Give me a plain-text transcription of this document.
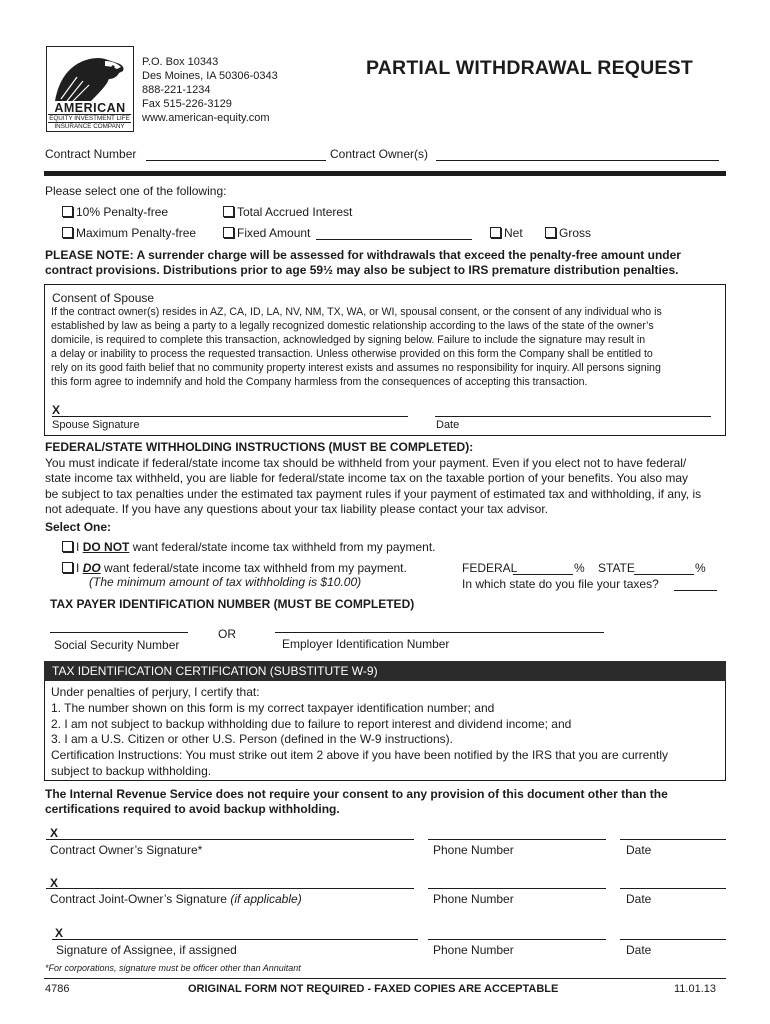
AMERICAN
EQUITY INVESTMENT LIFE
INSURANCE COMPANY
P.O. Box 10343
Des Moines, IA 50306-0343
888-221-1234
Fax 515-226-3129
www.american-equity.com
PARTIAL WITHDRAWAL REQUEST
Contract Number	Contract Owner(s)
Please select one of the following:
10% Penalty-free	Total Accrued Interest
Maximum Penalty-free	Fixed Amount	Net	Gross
PLEASE NOTE: A surrender charge will be assessed for withdrawals that exceed the penalty-free amount under
contract provisions. Distributions prior to age 59½ may also be subject to IRS premature distribution penalties.
Consent of Spouse
If the contract owner(s) resides in AZ, CA, ID, LA, NV, NM, TX, WA, or WI, spousal consent, or the consent of any individual who is
established by law as being a party to a legally recognized domestic relationship according to the laws of the state of the owner’s
domicile, is required to complete this transaction, acknowledged by signing below. Failure to include the signature may result in
a delay or inability to process the requested transaction. Unless otherwise provided on this form the Company shall be entitled to
rely on its good faith belief that no community property interest exists and assumes no responsibility for inquiry. All persons signing
this form agree to indemnify and hold the Company harmless from the consequences of accepting this transaction.
X
Spouse Signature	Date
FEDERAL/STATE WITHHOLDING INSTRUCTIONS (MUST BE COMPLETED):
You must indicate if federal/state income tax should be withheld from your payment. Even if you elect not to have federal/
state income tax withheld, you are liable for federal/state income tax on the taxable portion of your benefits. You also may
be subject to tax penalties under the estimated tax payment rules if your payment of estimated tax and withholding, if any, is
not adequate. If you have any questions about your tax liability please contact your tax advisor.
Select One:
I DO NOT want federal/state income tax withheld from my payment.
I DO want federal/state income tax withheld from my payment.
(The minimum amount of tax withholding is $10.00)
FEDERAL	% STATE	%
In which state do you file your taxes?
TAX PAYER IDENTIFICATION NUMBER (MUST BE COMPLETED)
Social Security Number
OR
Employer Identification Number
TAX IDENTIFICATION CERTIFICATION (SUBSTITUTE W-9)
Under penalties of perjury, I certify that:
1. The number shown on this form is my correct taxpayer identification number; and
2. I am not subject to backup withholding due to failure to report interest and dividend income; and
3. I am a U.S. Citizen or other U.S. Person (defined in the W-9 instructions).
Certification Instructions: You must strike out item 2 above if you have been notified by the IRS that you are currently
subject to backup withholding.
The Internal Revenue Service does not require your consent to any provision of this document other than the
certifications required to avoid backup withholding.
X
Contract Owner’s Signature*	Phone Number	Date
X
Contract Joint-Owner’s Signature (if applicable)	Phone Number	Date
X
Signature of Assignee, if assigned	Phone Number	Date
*For corporations, signature must be officer other than Annuitant
4786	ORIGINAL FORM NOT REQUIRED - FAXED COPIES ARE ACCEPTABLE	11.01.13
